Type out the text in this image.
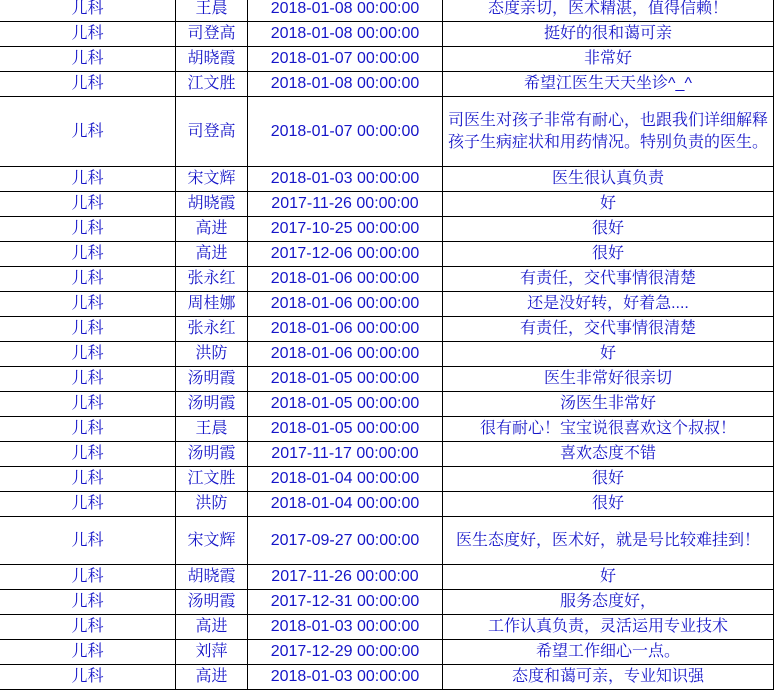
儿科	王晨	2018-01-08 00:00:00	态度亲切，医术精湛，值得信赖！
儿科	司登高	2018-01-08 00:00:00	挺好的很和蔼可亲
儿科	胡晓霞	2018-01-07 00:00:00	非常好
儿科	江文胜	2018-01-08 00:00:00	希望江医生天天坐诊^_^
儿科	司登高	2018-01-07 00:00:00	司医生对孩子非常有耐心，也跟我们详细解释孩子生病症状和用药情况。特别负责的医生。
儿科	宋文辉	2018-01-03 00:00:00	医生很认真负责
儿科	胡晓霞	2017-11-26 00:00:00	好
儿科	高进	2017-10-25 00:00:00	很好
儿科	高进	2017-12-06 00:00:00	很好
儿科	张永红	2018-01-06 00:00:00	有责任，交代事情很清楚
儿科	周桂娜	2018-01-06 00:00:00	还是没好转，好着急....
儿科	张永红	2018-01-06 00:00:00	有责任，交代事情很清楚
儿科	洪防	2018-01-06 00:00:00	好
儿科	汤明霞	2018-01-05 00:00:00	医生非常好很亲切
儿科	汤明霞	2018-01-05 00:00:00	汤医生非常好
儿科	王晨	2018-01-05 00:00:00	很有耐心！宝宝说很喜欢这个叔叔！
儿科	汤明霞	2017-11-17 00:00:00	喜欢态度不错
儿科	江文胜	2018-01-04 00:00:00	很好
儿科	洪防	2018-01-04 00:00:00	很好
儿科	宋文辉	2017-09-27 00:00:00	医生态度好，医术好，就是号比较难挂到！
儿科	胡晓霞	2017-11-26 00:00:00	好
儿科	汤明霞	2017-12-31 00:00:00	服务态度好，
儿科	高进	2018-01-03 00:00:00	工作认真负责，灵活运用专业技术
儿科	刘萍	2017-12-29 00:00:00	希望工作细心一点。
儿科	高进	2018-01-03 00:00:00	态度和蔼可亲，专业知识强
